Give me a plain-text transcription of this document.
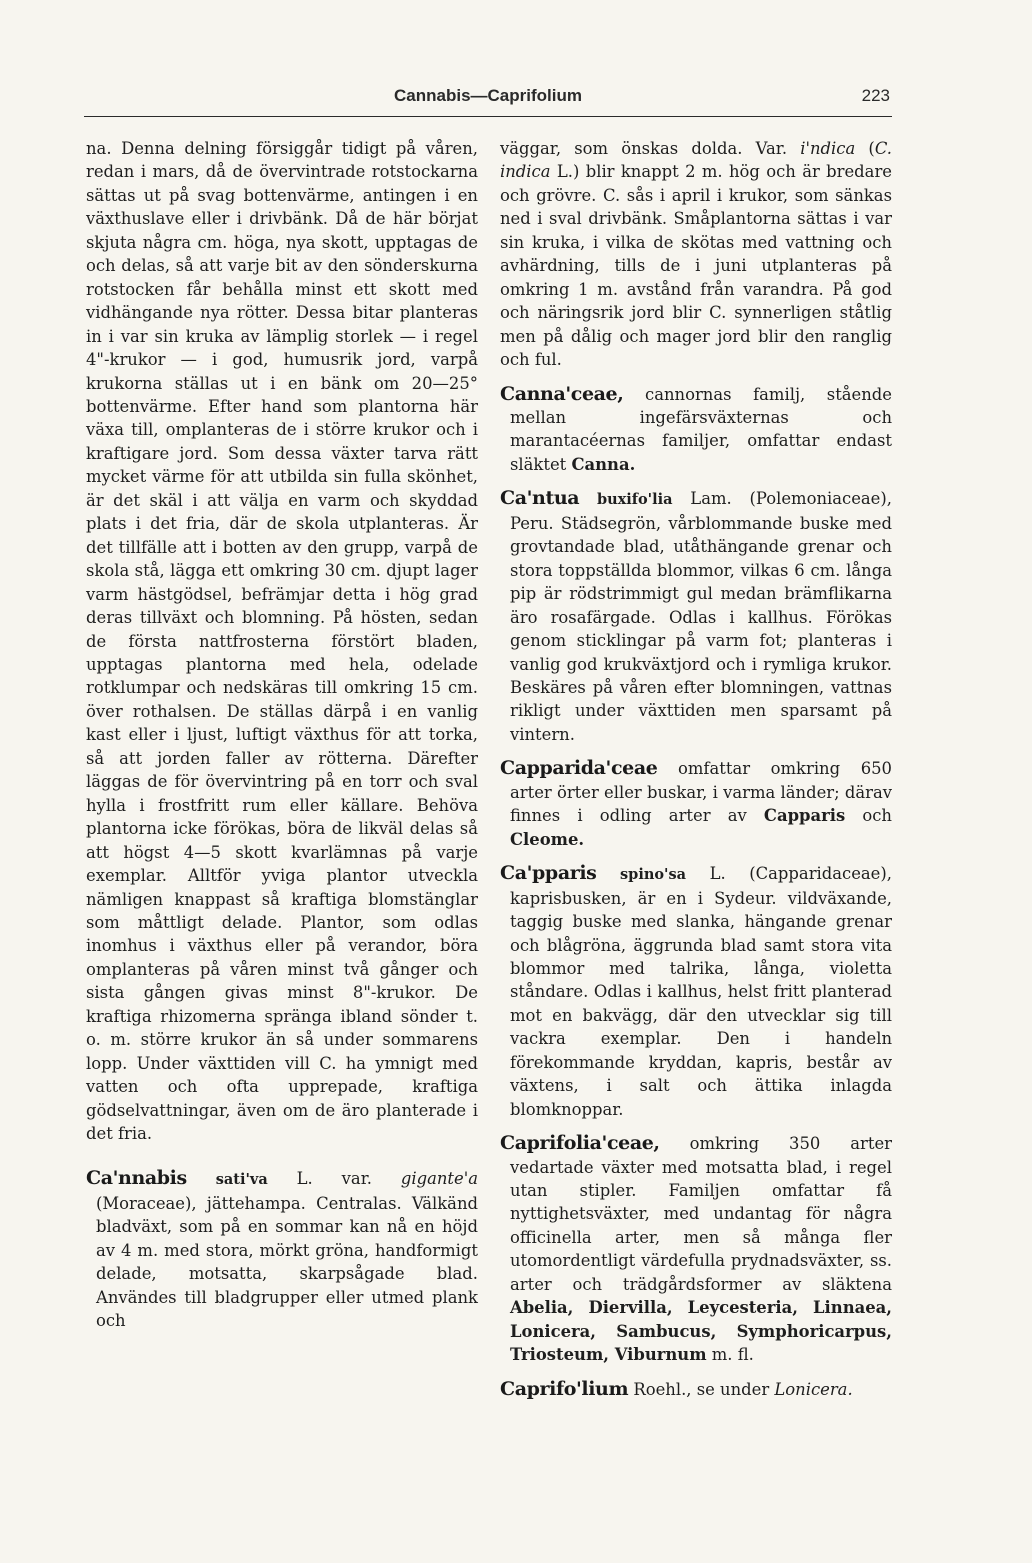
Cannabis—Caprifolium	223

na. Denna delning försiggår tidigt på våren, redan i mars, då de övervintrade rotstockarna sättas ut på svag bottenvärme, antingen i en växthuslave eller i drivbänk. Då de här börjat skjuta några cm. höga, nya skott, upptagas de och delas, så att varje bit av den sönderskurna rotstocken får behålla minst ett skott med vidhängande nya rötter. Dessa bitar planteras in i var sin kruka av lämplig storlek — i regel 4"-krukor — i god, humusrik jord, varpå krukorna ställas ut i en bänk om 20—25° bottenvärme. Efter hand som plantorna här växa till, omplanteras de i större krukor och i kraftigare jord. Som dessa växter tarva rätt mycket värme för att utbilda sin fulla skönhet, är det skäl i att välja en varm och skyddad plats i det fria, där de skola utplanteras. Är det tillfälle att i botten av den grupp, varpå de skola stå, lägga ett omkring 30 cm. djupt lager varm hästgödsel, befrämjar detta i hög grad deras tillväxt och blomning. På hösten, sedan de första nattfrosterna förstört bladen, upptagas plantorna med hela, odelade rotklumpar och nedskäras till omkring 15 cm. över rothalsen. De ställas därpå i en vanlig kast eller i ljust, luftigt växthus för att torka, så att jorden faller av rötterna. Därefter läggas de för övervintring på en torr och sval hylla i frostfritt rum eller källare. Behöva plantorna icke förökas, böra de likväl delas så att högst 4—5 skott kvarlämnas på varje exemplar. Alltför yviga plantor utveckla nämligen knappast så kraftiga blomstänglar som måttligt delade. Plantor, som odlas inomhus i växthus eller på verandor, böra omplanteras på våren minst två gånger och sista gången givas minst 8"-krukor. De kraftiga rhizomerna spränga ibland sönder t. o. m. större krukor än så under sommarens lopp. Under växttiden vill C. ha ymnigt med vatten och ofta upprepade, kraftiga gödselvattningar, även om de äro planterade i det fria.

Ca'nnabis sati'va L. var. gigante'a (Moraceae), jättehampa. Centralas. Välkänd bladväxt, som på en sommar kan nå en höjd av 4 m. med stora, mörkt gröna, handformigt delade, motsatta, skarpsågade blad. Användes till bladgrupper eller utmed plank och

väggar, som önskas dolda. Var. i'ndica (C. indica L.) blir knappt 2 m. hög och är bredare och grövre. C. sås i april i krukor, som sänkas ned i sval drivbänk. Småplantorna sättas i var sin kruka, i vilka de skötas med vattning och avhärdning, tills de i juni utplanteras på omkring 1 m. avstånd från varandra. På god och näringsrik jord blir C. synnerligen ståtlig men på dålig och mager jord blir den ranglig och ful.

Canna'ceae, cannornas familj, stående mellan ingefärsväxternas och marantacéernas familjer, omfattar endast släktet Canna.

Ca'ntua buxifo'lia Lam. (Polemoniaceae), Peru. Städsegrön, vårblommande buske med grovtandade blad, utåthängande grenar och stora toppställda blommor, vilkas 6 cm. långa pip är rödstrimmigt gul medan brämflikarna äro rosafärgade. Odlas i kallhus. Förökas genom sticklingar på varm fot; planteras i vanlig god krukväxtjord och i rymliga krukor. Beskäres på våren efter blomningen, vattnas rikligt under växttiden men sparsamt på vintern.

Capparida'ceae omfattar omkring 650 arter örter eller buskar, i varma länder; därav finnes i odling arter av Capparis och Cleome.

Ca'pparis spino'sa L. (Capparidaceae), kaprisbusken, är en i Sydeur. vildväxande, taggig buske med slanka, hängande grenar och blågröna, äggrunda blad samt stora vita blommor med talrika, långa, violetta ståndare. Odlas i kallhus, helst fritt planterad mot en bakvägg, där den utvecklar sig till vackra exemplar. Den i handeln förekommande kryddan, kapris, består av växtens, i salt och ättika inlagda blomknoppar.

Caprifolia'ceae, omkring 350 arter vedartade växter med motsatta blad, i regel utan stipler. Familjen omfattar få nyttighetsväxter, med undantag för några officinella arter, men så många fler utomordentligt värdefulla prydnadsväxter, ss. arter och trädgårdsformer av släktena Abelia, Diervilla, Leycesteria, Linnaea, Lonicera, Sambucus, Symphoricarpus, Triosteum, Viburnum m. fl.

Caprifo'lium Roehl., se under Lonicera.
